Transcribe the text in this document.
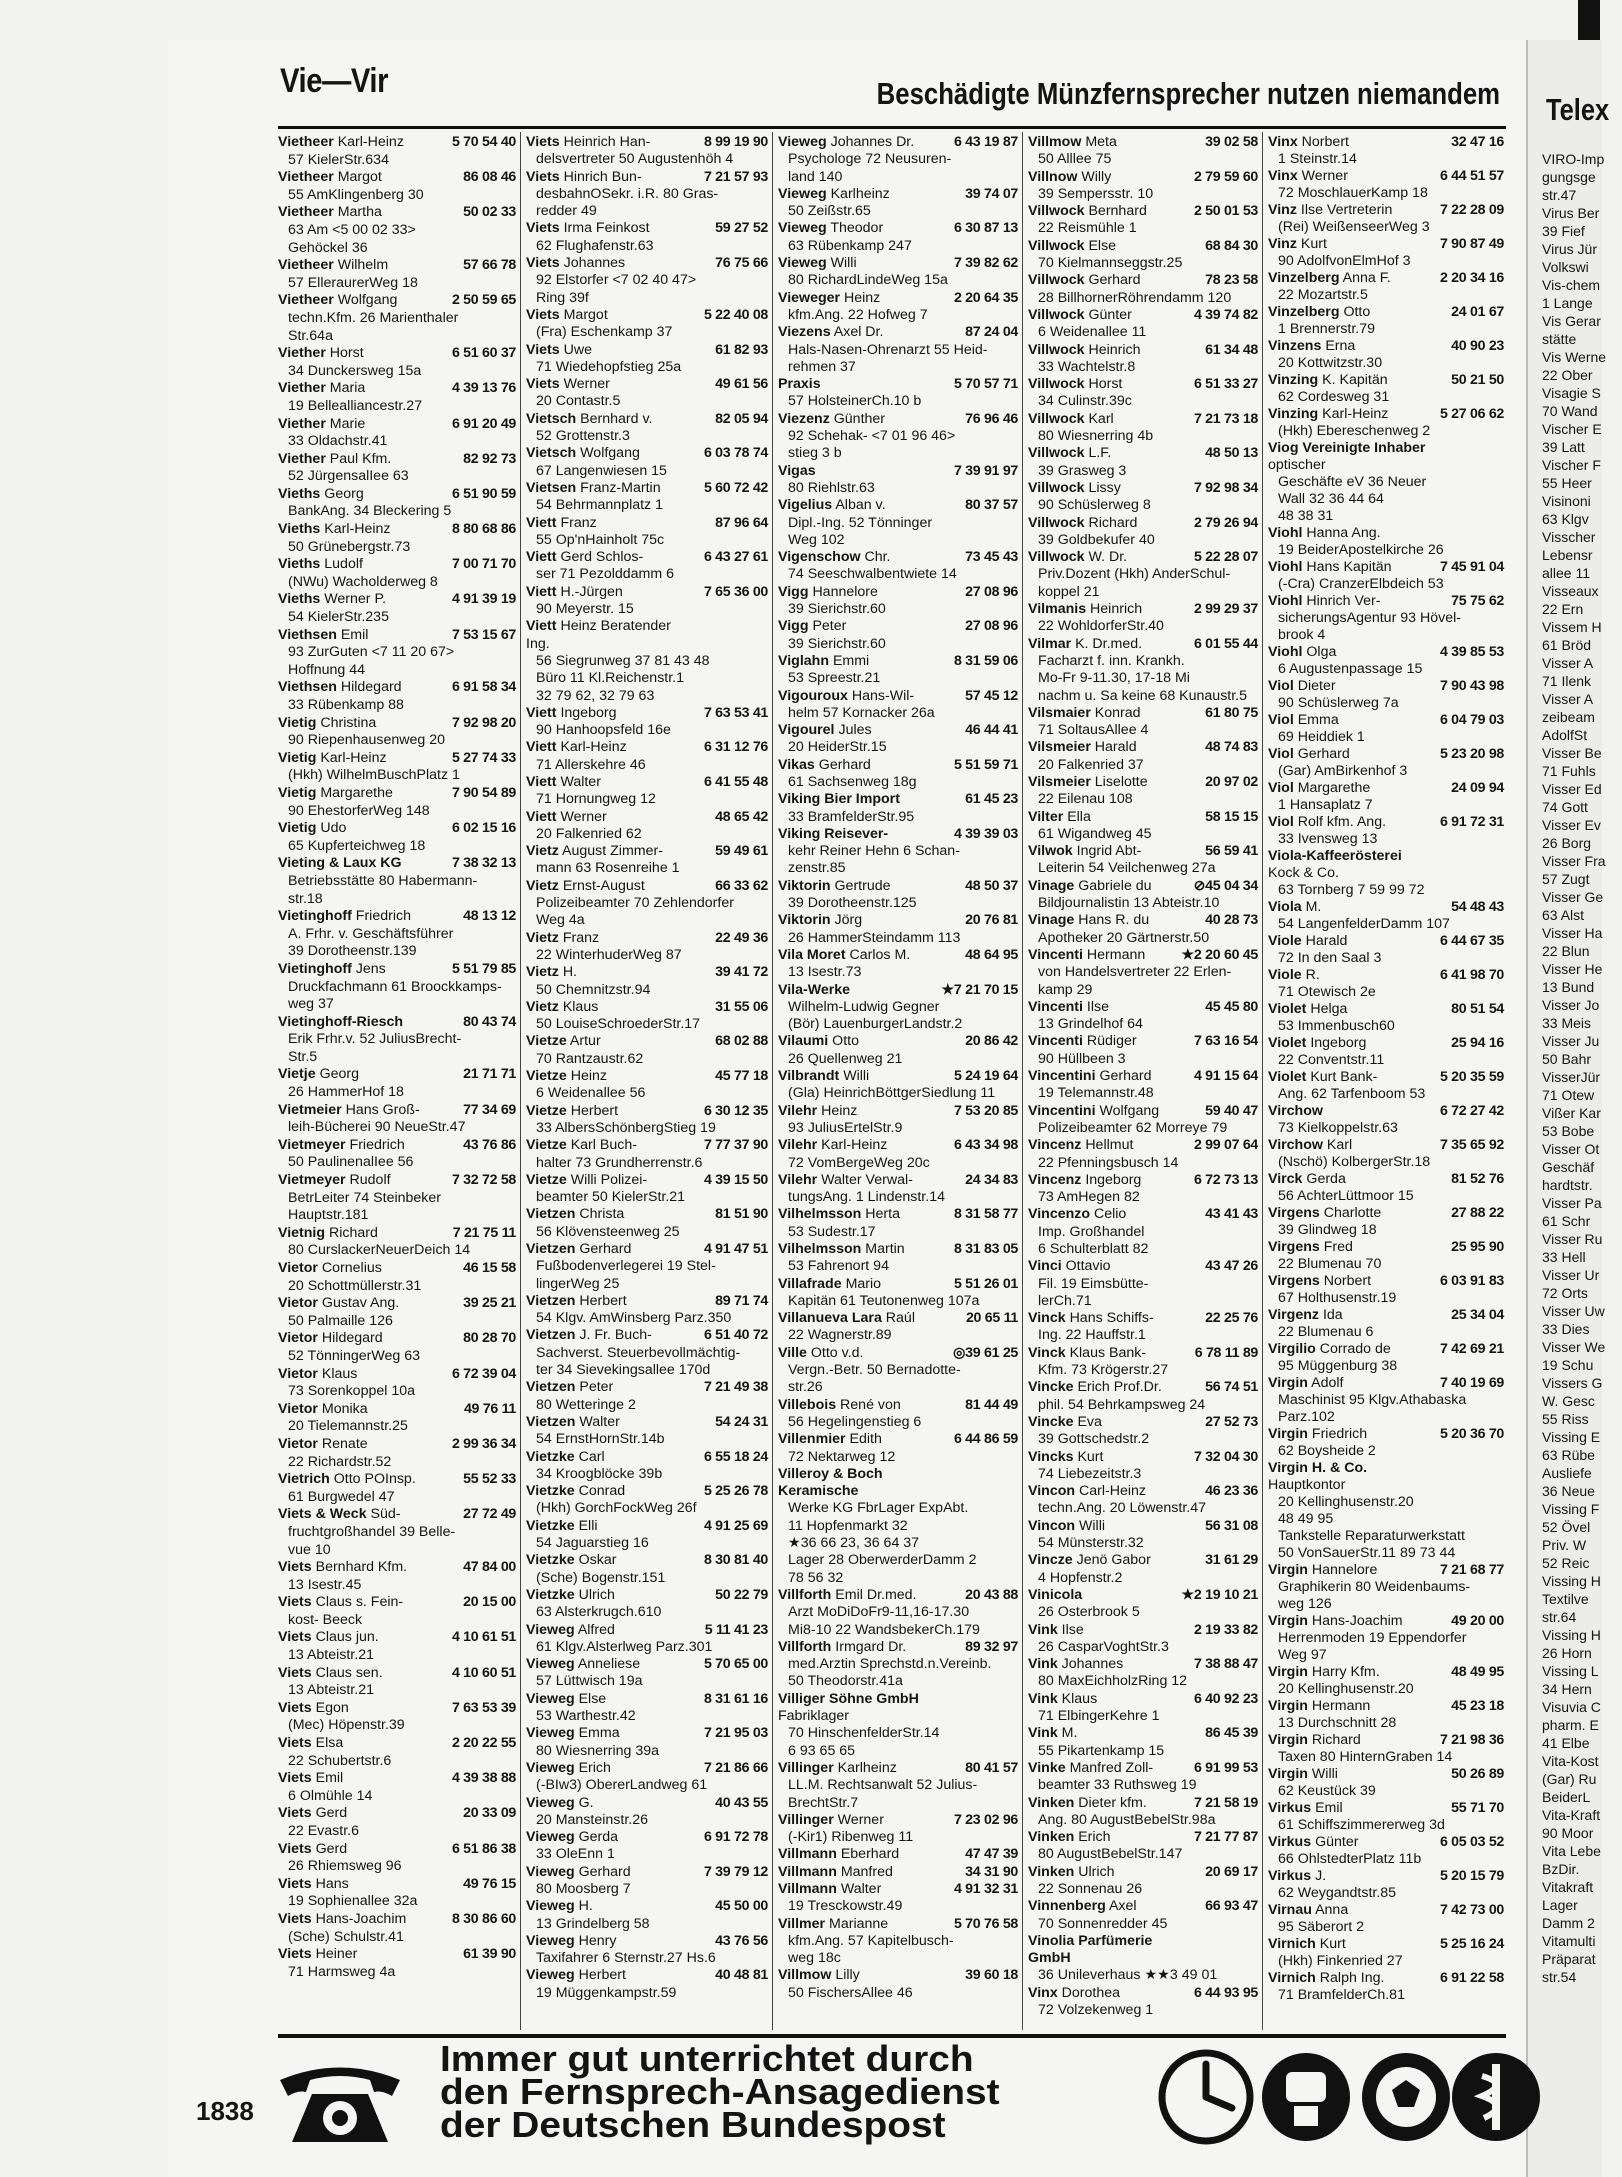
Telex
VIRO-Imp
gungsge
str.47
Virus Ber
39 Fief
Virus Jür
Volkswi
Vis-chem
1 Lange
Vis Gerar
stätte
Vis Werne
22 Ober
Visagie S
70 Wand
Vischer E
39 Latt
Vischer F
55 Heer
Visinoni
63 Klgv
Visscher
Lebensr
allee 11
Visseaux
22 Ern
Vissem H
61 Bröd
Visser A
71 Ilenk
Visser A
zeibeam
AdolfSt
Visser Be
71 Fuhls
Visser Ed
74 Gott
Visser Ev
26 Borg
Visser Fra
57 Zugt
Visser Ge
63 Alst
Visser Ha
22 Blun
Visser He
13 Bund
Visser Jo
33 Meis
Visser Ju
50 Bahr
VisserJür
71 Otew
Vißer Kar
53 Bobe
Visser Ot
Geschäf
hardtstr.
Visser Pa
61 Schr
Visser Ru
33 Hell
Visser Ur
72 Orts
Visser Uw
33 Dies
Visser We
19 Schu
Vissers G
W. Gesc
55 Riss
Vissing E
63 Rübe
Ausliefe
36 Neue
Vissing F
52 Övel
Priv. W
52 Reic
Vissing H
Textilve
str.64
Vissing H
26 Horn
Vissing L
34 Hern
Visuvia C
pharm. E
41 Elbe
Vita-Kost
(Gar) Ru
BeiderL
Vita-Kraft
90 Moor
Vita Lebe
BzDir.
Vitakraft
Lager
Damm 2
Vitamulti
Präparat
str.54
Vie—Vir	Beschädigte Münzfernsprecher nutzen niemandem
Vietheer Karl-Heinz	5 70 54 40
57 KielerStr.634
Vietheer Margot	86 08 46
55 AmKlingenberg 30
Vietheer Martha	50 02 33
63 Am <5 00 02 33>
Gehöckel 36
Vietheer Wilhelm	57 66 78
57 ElleraurerWeg 18
Vietheer Wolfgang	2 50 59 65
techn.Kfm. 26 Marienthaler
Str.64a
Viether Horst	6 51 60 37
34 Dunckersweg 15a
Viether Maria	4 39 13 76
19 Bellealliancestr.27
Viether Marie	6 91 20 49
33 Oldachstr.41
Viether Paul Kfm.	82 92 73
52 JürgensalIee 63
Vieths Georg	6 51 90 59
BankAng. 34 Bleckering 5
Vieths Karl-Heinz	8 80 68 86
50 Grünebergstr.73
Vieths Ludolf	7 00 71 70
(NWu) Wacholderweg 8
Vieths Werner P.	4 91 39 19
54 KielerStr.235
Viethsen Emil	7 53 15 67
93 ZurGuten <7 11 20 67>
Hoffnung 44
Viethsen Hildegard	6 91 58 34
33 Rübenkamp 88
Vietig Christina	7 92 98 20
90 Riepenhausenweg 20
Vietig Karl-Heinz	5 27 74 33
(Hkh) WilhelmBuschPlatz 1
Vietig Margarethe	7 90 54 89
90 EhestorferWeg 148
Vietig Udo	6 02 15 16
65 Kupferteichweg 18
Vieting & Laux KG	7 38 32 13
Betriebsstätte 80 Habermann-
str.18
Vietinghoff Friedrich	48 13 12
A. Frhr. v. Geschäftsführer
39 Dorotheenstr.139
Vietinghoff Jens	5 51 79 85
Druckfachmann 61 Broockkamps-
weg 37
Vietinghoff-Riesch	80 43 74
Erik Frhr.v. 52 JuliusBrecht-
Str.5
Vietje Georg	21 71 71
26 HammerHof 18
Vietmeier Hans Groß-	77 34 69
leih-Bücherei 90 NeueStr.47
Vietmeyer Friedrich	43 76 86
50 PaulinenalIee 56
Vietmeyer Rudolf	7 32 72 58
BetrLeiter 74 Steinbeker
Hauptstr.181
Vietnig Richard	7 21 75 11
80 CurslackerNeuerDeich 14
Vietor Cornelius	46 15 58
20 Schottmüllerstr.31
Vietor Gustav Ang.	39 25 21
50 Palmaille 126
Vietor Hildegard	80 28 70
52 TönningerWeg 63
Vietor Klaus	6 72 39 04
73 Sorenkoppel 10a
Vietor Monika	49 76 11
20 Tielemannstr.25
Vietor Renate	2 99 36 34
22 Richardstr.52
Vietrich Otto POInsp.	55 52 33
61 Burgwedel 47
Viets & Weck Süd-	27 72 49
fruchtgroßhandel 39 Belle-
vue 10
Viets Bernhard Kfm.	47 84 00
13 Isestr.45
Viets Claus s. Fein-	20 15 00
kost- Beeck
Viets Claus jun.	4 10 61 51
13 Abteistr.21
Viets Claus sen.	4 10 60 51
13 Abteistr.21
Viets Egon	7 63 53 39
(Mec) Höpenstr.39
Viets Elsa	2 20 22 55
22 Schubertstr.6
Viets Emil	4 39 38 88
6 Olmühle 14
Viets Gerd	20 33 09
22 Evastr.6
Viets Gerd	6 51 86 38
26 Rhiemsweg 96
Viets Hans	49 76 15
19 Sophienallee 32a
Viets Hans-Joachim	8 30 86 60
(Sche) Schulstr.41
Viets Heiner	61 39 90
71 Harmsweg 4a
Viets Heinrich Han-	8 99 19 90
delsvertreter 50 Augustenhöh 4
Viets Hinrich Bun-	7 21 57 93
desbahnOSekr. i.R. 80 Gras-
redder 49
Viets Irma Feinkost	59 27 52
62 Flughafenstr.63
Viets Johannes	76 75 66
92 Elstorfer <7 02 40 47>
Ring 39f
Viets Margot	5 22 40 08
(Fra) Eschenkamp 37
Viets Uwe	61 82 93
71 Wiedehopfstieg 25a
Viets Werner	49 61 56
20 Contastr.5
Vietsch Bernhard v.	82 05 94
52 Grottenstr.3
Vietsch Wolfgang	6 03 78 74
67 Langenwiesen 15
Vietsen Franz-Martin	5 60 72 42
54 Behrmannplatz 1
Viett Franz	87 96 64
55 Op'nHainholt 75c
Viett Gerd Schlos-	6 43 27 61
ser 71 Pezolddamm 6
Viett H.-Jürgen	7 65 36 00
90 Meyerstr. 15
Viett Heinz Beratender Ing.
56 Siegrunweg 37 81 43 48
Büro 11 Kl.Reichenstr.1
32 79 62, 32 79 63
Viett Ingeborg	7 63 53 41
90 Hanhoopsfeld 16e
Viett Karl-Heinz	6 31 12 76
71 Allerskehre 46
Viett Walter	6 41 55 48
71 Hornungweg 12
Viett Werner	48 65 42
20 Falkenried 62
Vietz August Zimmer-	59 49 61
mann 63 Rosenreihe 1
Vietz Ernst-August	66 33 62
Polizeibeamter 70 Zehlendorfer
Weg 4a
Vietz Franz	22 49 36
22 WinterhuderWeg 87
Vietz H.	39 41 72
50 Chemnitzstr.94
Vietz Klaus	31 55 06
50 LouiseSchroederStr.17
Vietze Artur	68 02 88
70 Rantzaustr.62
Vietze Heinz	45 77 18
6 Weidenallee 56
Vietze Herbert	6 30 12 35
33 AlbersSchönbergStieg 19
Vietze Karl Buch-	7 77 37 90
halter 73 Grundherrenstr.6
Vietze Willi Polizei-	4 39 15 50
beamter 50 KielerStr.21
Vietzen Christa	81 51 90
56 Klövensteenweg 25
Vietzen Gerhard	4 91 47 51
Fußbodenverlegerei 19 Stel-
lingerWeg 25
Vietzen Herbert	89 71 74
54 Klgv. AmWinsberg Parz.350
Vietzen J. Fr. Buch-	6 51 40 72
Sachverst. Steuerbevollmächtig-
ter 34 Sievekingsallee 170d
Vietzen Peter	7 21 49 38
80 Wetteringe 2
Vietzen Walter	54 24 31
54 ErnstHornStr.14b
Vietzke Carl	6 55 18 24
34 Kroogblöcke 39b
Vietzke Conrad	5 25 26 78
(Hkh) GorchFockWeg 26f
Vietzke Elli	4 91 25 69
54 Jaguarstieg 16
Vietzke Oskar	8 30 81 40
(Sche) Bogenstr.151
Vietzke Ulrich	50 22 79
63 Alsterkrugch.610
Vieweg Alfred	5 11 41 23
61 Klgv.Alsterlweg Parz.301
Vieweg Anneliese	5 70 65 00
57 Lüttwisch 19a
Vieweg Else	8 31 61 16
53 Warthestr.42
Vieweg Emma	7 21 95 03
80 Wiesnerring 39a
Vieweg Erich	7 21 86 66
(-BIw3) ObererLandweg 61
Vieweg G.	40 43 55
20 Mansteinstr.26
Vieweg Gerda	6 91 72 78
33 OleEnn 1
Vieweg Gerhard	7 39 79 12
80 Moosberg 7
Vieweg H.	45 50 00
13 Grindelberg 58
Vieweg Henry	43 76 56
Taxifahrer 6 Sternstr.27 Hs.6
Vieweg Herbert	40 48 81
19 Müggenkampstr.59
Vieweg Johannes Dr.	6 43 19 87
Psychologe 72 Neusuren-
land 140
Vieweg Karlheinz	39 74 07
50 Zeißstr.65
Vieweg Theodor	6 30 87 13
63 Rübenkamp 247
Vieweg Willi	7 39 82 62
80 RichardLindeWeg 15a
Vieweger Heinz	2 20 64 35
kfm.Ang. 22 Hofweg 7
Viezens Axel Dr.	87 24 04
Hals-Nasen-Ohrenarzt 55 Heid-
rehmen 37
Praxis	5 70 57 71
57 HolsteinerCh.10 b
Viezenz Günther	76 96 46
92 Schehak- <7 01 96 46>
stieg 3 b
Vigas	7 39 91 97
80 Riehlstr.63
Vigelius Alban v.	80 37 57
Dipl.-Ing. 52 Tönninger
Weg 102
Vigenschow Chr.	73 45 43
74 Seeschwalbentwiete 14
Vigg Hannelore	27 08 96
39 Sierichstr.60
Vigg Peter	27 08 96
39 Sierichstr.60
Viglahn Emmi	8 31 59 06
53 Spreestr.21
Vigouroux Hans-Wil-	57 45 12
helm 57 Kornacker 26a
Vigourel Jules	46 44 41
20 HeiderStr.15
Vikas Gerhard	5 51 59 71
61 Sachsenweg 18g
Viking Bier Import	61 45 23
33 BramfelderStr.95
Viking Reisever-	4 39 39 03
kehr Reiner Hehn 6 Schan-
zenstr.85
Viktorin Gertrude	48 50 37
39 Dorotheenstr.125
Viktorin Jörg	20 76 81
26 HammerSteindamm 113
Vila Moret Carlos M.	48 64 95
13 Isestr.73
Vila-Werke	★7 21 70 15
Wilhelm-Ludwig Gegner
(Bör) LauenburgerLandstr.2
Vilaumi Otto	20 86 42
26 Quellenweg 21
Vilbrandt Willi	5 24 19 64
(Gla) HeinrichBöttgerSiedlung 11
Vilehr Heinz	7 53 20 85
93 JuliusErtelStr.9
Vilehr Karl-Heinz	6 43 34 98
72 VomBergeWeg 20c
Vilehr Walter Verwal-	24 34 83
tungsAng. 1 Lindenstr.14
Vilhelmsson Herta	8 31 58 77
53 Sudestr.17
Vilhelmsson Martin	8 31 83 05
53 Fahrenort 94
Villafrade Mario	5 51 26 01
Kapitän 61 Teutonenweg 107a
Villanueva Lara Raúl	20 65 11
22 Wagnerstr.89
Ville Otto v.d.	◎39 61 25
Vergn.-Betr. 50 Bernadotte-
str.26
Villebois René von	81 44 49
56 Hegelingenstieg 6
Villenmier Edith	6 44 86 59
72 Nektarweg 12
Villeroy & Boch Keramische
Werke KG FbrLager ExpAbt.
11 Hopfenmarkt 32
★36 66 23, 36 64 37
Lager 28 OberwerderDamm 2
78 56 32
Villforth Emil Dr.med.	20 43 88
Arzt MoDiDoFr9-11,16-17.30
Mi8-10 22 WandsbekerCh.179
Villforth Irmgard Dr.	89 32 97
med.Arztin Sprechstd.n.Vereinb.
50 Theodorstr.41a
Villiger Söhne GmbH Fabriklager
70 HinschenfelderStr.14
6 93 65 65
Villinger Karlheinz	80 41 57
LL.M. Rechtsanwalt 52 Julius-
BrechtStr.7
Villinger Werner	7 23 02 96
(-Kir1) Ribenweg 11
Villmann Eberhard	47 47 39
Villmann Manfred	34 31 90
Villmann Walter	4 91 32 31
19 Tresckowstr.49
Villmer Marianne	5 70 76 58
kfm.Ang. 57 Kapitelbusch-
weg 18c
Villmow Lilly	39 60 18
50 FischersAllee 46
Villmow Meta	39 02 58
50 Alllee 75
Villnow Willy	2 79 59 60
39 Sempersstr. 10
Villwock Bernhard	2 50 01 53
22 Reismühle 1
Villwock Else	68 84 30
70 Kielmannseggstr.25
Villwock Gerhard	78 23 58
28 BillhornerRöhrendamm 120
Villwock Günter	4 39 74 82
6 Weidenallee 11
Villwock Heinrich	61 34 48
33 Wachtelstr.8
Villwock Horst	6 51 33 27
34 Culinstr.39c
Villwock Karl	7 21 73 18
80 Wiesnerring 4b
Villwock L.F.	48 50 13
39 Grasweg 3
Villwock Lissy	7 92 98 34
90 Schüslerweg 8
Villwock Richard	2 79 26 94
39 Goldbekufer 40
Villwock W. Dr.	5 22 28 07
Priv.Dozent (Hkh) AnderSchul-
koppel 21
Vilmanis Heinrich	2 99 29 37
22 WohldorferStr.40
Vilmar K. Dr.med.	6 01 55 44
Facharzt f. inn. Krankh.
Mo-Fr 9-11.30, 17-18 Mi
nachm u. Sa keine 68 Kunaustr.5
Vilsmaier Konrad	61 80 75
71 SoltausAllee 4
Vilsmeier Harald	48 74 83
20 Falkenried 37
Vilsmeier Liselotte	20 97 02
22 Eilenau 108
Vilter Ella	58 15 15
61 Wigandweg 45
Vilwok Ingrid Abt-	56 59 41
Leiterin 54 Veilchenweg 27a
Vinage Gabriele du	⊘45 04 34
Bildjournalistin 13 Abteistr.10
Vinage Hans R. du	40 28 73
Apotheker 20 Gärtnerstr.50
Vincenti Hermann	★2 20 60 45
von Handelsvertreter 22 Erlen-
kamp 29
Vincenti Ilse	45 45 80
13 Grindelhof 64
Vincenti Rüdiger	7 63 16 54
90 Hüllbeen 3
Vincentini Gerhard	4 91 15 64
19 Telemannstr.48
Vincentini Wolfgang	59 40 47
Polizeibeamter 62 Morreye 79
Vincenz Hellmut	2 99 07 64
22 Pfenningsbusch 14
Vincenz Ingeborg	6 72 73 13
73 AmHegen 82
Vincenzo Celio	43 41 43
Imp. Großhandel
6 Schulterblatt 82
Vinci Ottavio	43 47 26
Fil. 19 Eimsbütte-
lerCh.71
Vinck Hans Schiffs-	22 25 76
Ing. 22 Hauffstr.1
Vinck Klaus Bank-	6 78 11 89
Kfm. 73 Krögerstr.27
Vincke Erich Prof.Dr.	56 74 51
phil. 54 Behrkampsweg 24
Vincke Eva	27 52 73
39 Gottschedstr.2
Vincks Kurt	7 32 04 30
74 Liebezeitstr.3
Vincon Carl-Heinz	46 23 36
techn.Ang. 20 Löwenstr.47
Vincon Willi	56 31 08
54 Münsterstr.32
Vincze Jenö Gabor	31 61 29
4 Hopfenstr.2
Vinicola	★2 19 10 21
26 Osterbrook 5
Vink Ilse	2 19 33 82
26 CasparVoghtStr.3
Vink Johannes	7 38 88 47
80 MaxEichholzRing 12
Vink Klaus	6 40 92 23
71 ElbingerKehre 1
Vink M.	86 45 39
55 Pikartenkamp 15
Vinke Manfred Zoll-	6 91 99 53
beamter 33 Ruthsweg 19
Vinken Dieter kfm.	7 21 58 19
Ang. 80 AugustBebelStr.98a
Vinken Erich	7 21 77 87
80 AugustBebelStr.147
Vinken Ulrich	20 69 17
22 Sonnenau 26
Vinnenberg Axel	66 93 47
70 Sonnenredder 45
Vinolia Parfümerie GmbH
36 Unileverhaus ★★3 49 01
Vinx Dorothea	6 44 93 95
72 Volzekenweg 1
Vinx Norbert	32 47 16
1 Steinstr.14
Vinx Werner	6 44 51 57
72 MoschlauerKamp 18
Vinz Ilse Vertreterin	7 22 28 09
(Rei) WeißenseerWeg 3
Vinz Kurt	7 90 87 49
90 AdolfvonElmHof 3
Vinzelberg Anna F.	2 20 34 16
22 Mozartstr.5
Vinzelberg Otto	24 01 67
1 Brennerstr.79
Vinzens Erna	40 90 23
20 Kottwitzstr.30
Vinzing K. Kapitän	50 21 50
62 Cordesweg 31
Vinzing Karl-Heinz	5 27 06 62
(Hkh) Ebereschenweg 2
Viog Vereinigte Inhaber optischer
Geschäfte eV 36 Neuer
Wall 32 36 44 64
48 38 31
Viohl Hanna Ang.
19 BeiderApostelkirche 26
Viohl Hans Kapitän	7 45 91 04
(-Cra) CranzerElbdeich 53
Viohl Hinrich Ver-	75 75 62
sicherungsAgentur 93 Hövel-
brook 4
Viohl Olga	4 39 85 53
6 Augustenpassage 15
Viol Dieter	7 90 43 98
90 Schüslerweg 7a
Viol Emma	6 04 79 03
69 Heiddiek 1
Viol Gerhard	5 23 20 98
(Gar) AmBirkenhof 3
Viol Margarethe	24 09 94
1 Hansaplatz 7
Viol Rolf kfm. Ang.	6 91 72 31
33 Ivensweg 13
Viola-Kaffeerösterei Kock & Co.
63 Tornberg 7 59 99 72
Viola M.	54 48 43
54 LangenfelderDamm 107
Viole Harald	6 44 67 35
72 In den Saal 3
Viole R.	6 41 98 70
71 Otewisch 2e
Violet Helga	80 51 54
53 Immenbusch60
Violet Ingeborg	25 94 16
22 Conventstr.11
Violet Kurt Bank-	5 20 35 59
Ang. 62 Tarfenboom 53
Virchow	6 72 27 42
73 Kielkoppelstr.63
Virchow Karl	7 35 65 92
(Nschö) KolbergerStr.18
Virck Gerda	81 52 76
56 AchterLüttmoor 15
Virgens Charlotte	27 88 22
39 Glindweg 18
Virgens Fred	25 95 90
22 Blumenau 70
Virgens Norbert	6 03 91 83
67 Holthusenstr.19
Virgenz Ida	25 34 04
22 Blumenau 6
Virgilio Corrado de	7 42 69 21
95 Müggenburg 38
Virgin Adolf	7 40 19 69
Maschinist 95 Klgv.Athabaska
Parz.102
Virgin Friedrich	5 20 36 70
62 Boysheide 2
Virgin H. & Co. Hauptkontor
20 Kellinghusenstr.20
48 49 95
Tankstelle Reparaturwerkstatt
50 VonSauerStr.11 89 73 44
Virgin Hannelore	7 21 68 77
Graphikerin 80 Weidenbaums-
weg 126
Virgin Hans-Joachim	49 20 00
Herrenmoden 19 Eppendorfer
Weg 97
Virgin Harry Kfm.	48 49 95
20 Kellinghusenstr.20
Virgin Hermann	45 23 18
13 Durchschnitt 28
Virgin Richard	7 21 98 36
Taxen 80 HinternGraben 14
Virgin Willi	50 26 89
62 Keustück 39
Virkus Emil	55 71 70
61 Schiffszimmererweg 3d
Virkus Günter	6 05 03 52
66 OhlstedterPlatz 11b
Virkus J.	5 20 15 79
62 Weygandtstr.85
Virnau Anna	7 42 73 00
95 Säberort 2
Virnich Kurt	5 25 16 24
(Hkh) Finkenried 27
Virnich Ralph Ing.	6 91 22 58
71 BramfelderCh.81
Immer gut unterrichtet durch
den Fernsprech-Ansagedienst
der Deutschen Bundespost
1838
